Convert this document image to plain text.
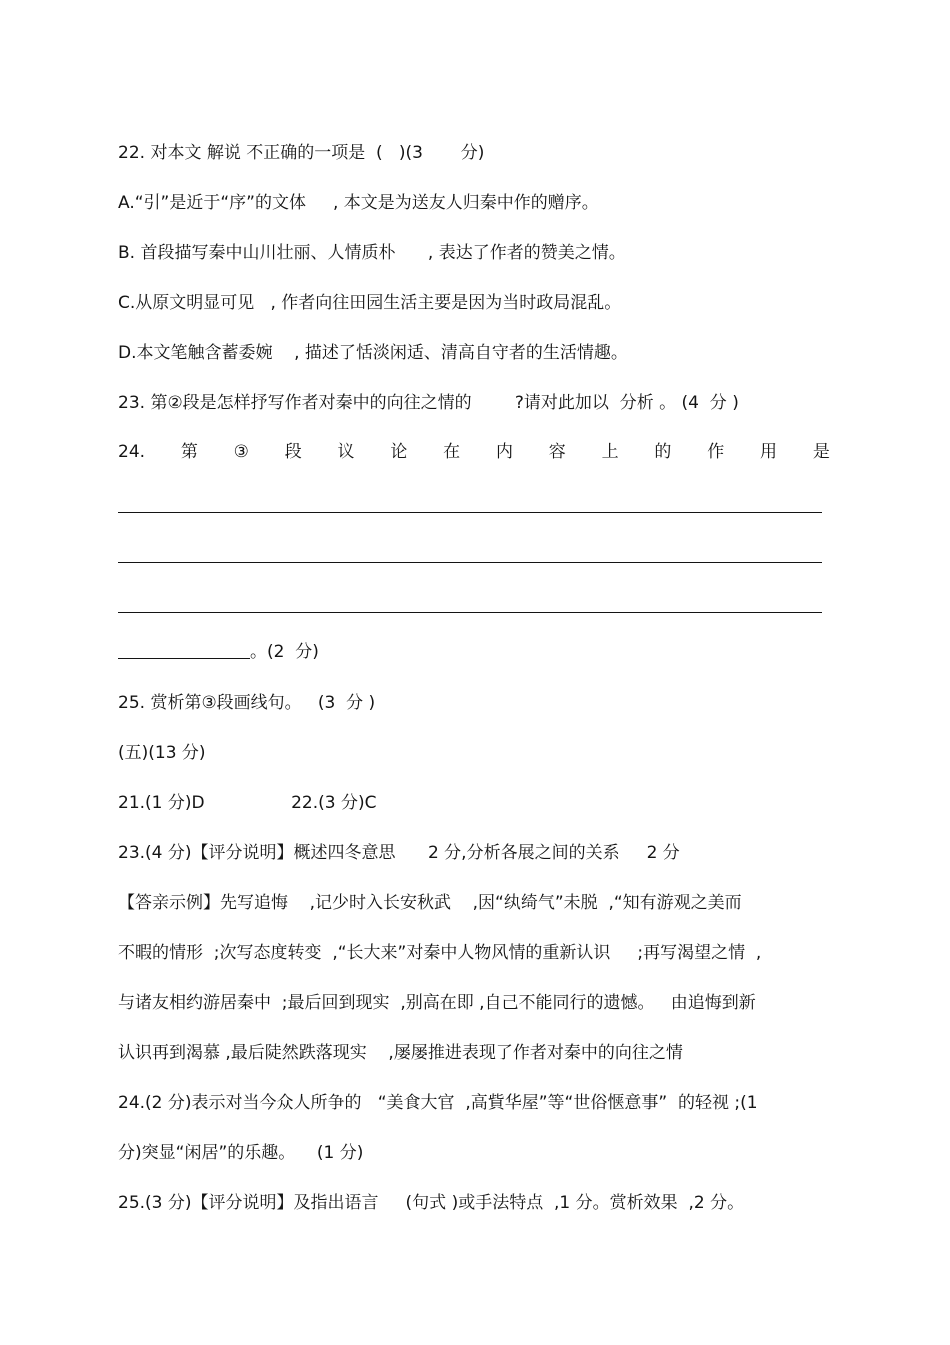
22. 对本文 解说 不正确的一项是  (   )(3       分)

A.“引”是近于“序”的文体     , 本文是为送友人归秦中作的赠序。

B. 首段描写秦中山川壮丽、人情质朴      , 表达了作者的赞美之情。

C.从原文明显可见   , 作者向往田园生活主要是因为当时政局混乱。

D.本文笔触含蓄委婉    , 描述了恬淡闲适、清高自守者的生活情趣。

23. 第②段是怎样抒写作者对秦中的向往之情的        ?请对此加以  分析 。 (4  分 )

24. 第 ③ 段 议 论 在 内 容 上 的 作 用 是

。(2  分)

25. 赏析第③段画线句。   (3  分 )

(五)(13 分)

21.(1 分)D                22.(3 分)C

23.(4 分)【评分说明】概述四冬意思      2 分,分析各展之间的关系     2 分

【答亲示例】先写追悔    ,记少时入长安秋武    ,因“纨绮气”未脱  ,“知有游观之美而

不暇的情形  ;次写态度转变  ,“长大来”对秦中人物风情的重新认识     ;再写渴望之情  ,

与诸友相约游居秦中  ;最后回到现实  ,别高在即 ,自己不能同行的遗憾。   由追悔到新

认识再到渴慕 ,最后陡然跌落现实    ,屡屡推进表现了作者对秦中的向往之情

24.(2 分)表示对当今众人所争的   “美食大官  ,高貲华屋”等“世俗惬意事”  的轻视 ;(1

分)突显“闲居”的乐趣。    (1 分)

25.(3 分)【评分说明】及指出语言     (句式 )或手法特点  ,1 分。赏析效果  ,2 分。
